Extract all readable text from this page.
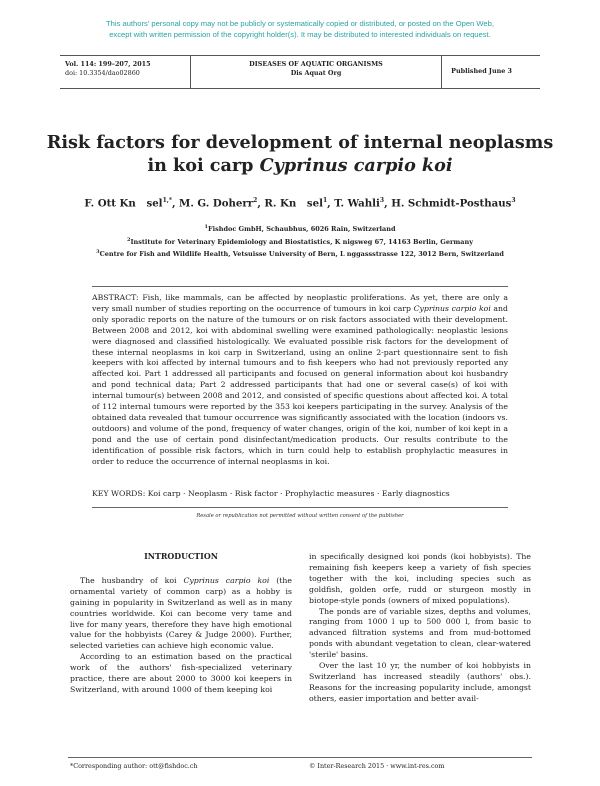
This authors' personal copy may not be publicly or systematically copied or distributed, or posted on the Open Web,
except with written permission of the copyright holder(s). It may be distributed to interested individuals on request.
Vol. 114: 199–207, 2015
doi: 10.3354/dao02860
DISEASES OF AQUATIC ORGANISMS
Dis Aquat Org	Published June 3
Risk factors for development of internal neoplasms
in koi carp Cyprinus carpio koi
F. Ott Kn sel$^{1,*}$, M. G. Doherr$^2$, R. Kn sel$^1$, T. Wahli$^3$, H. Schmidt-Posthaus$^3$
$^1$Fishdoc GmbH, Schaubhus, 6026 Rain, Switzerland
$^2$Institute for Veterinary Epidemiology and Biostatistics, K nigsweg 67, 14163 Berlin, Germany
$^3$Centre for Fish and Wildlife Health, Vetsuisse University of Bern, L nggassstrasse 122, 3012 Bern, Switzerland

ABSTRACT: Fish, like mammals, can be affected by neoplastic proliferations. As yet, there are only a very small number of studies reporting on the occurrence of tumours in koi carp Cyprinus carpio koi and only sporadic reports on the nature of the tumours or on risk factors associated with their development. Between 2008 and 2012, koi with abdominal swelling were examined pathologically: neoplastic lesions were diagnosed and classified histologically. We evaluated possible risk factors for the development of these internal neoplasms in koi carp in Switzerland, using an online 2-part questionnaire sent to fish keepers with koi affected by internal tumours and to fish keepers who had not previously reported any affected koi. Part 1 addressed all participants and focused on general information about koi husbandry and pond technical data; Part 2 addressed participants that had one or several case(s) of koi with internal tumour(s) between 2008 and 2012, and consisted of specific questions about affected koi. A total of 112 internal tumours were reported by the 353 koi keepers participating in the survey. Analysis of the obtained data revealed that tumour occurrence was significantly associated with the location (indoors vs. outdoors) and volume of the pond, frequency of water changes, origin of the koi, number of koi kept in a pond and the use of certain pond disinfectant/medication products. Our results contribute to the identification of possible risk factors, which in turn could help to establish prophylactic measures in order to reduce the occurrence of internal neoplasms in koi.

KEY WORDS: Koi carp · Neoplasm · Risk factor · Prophylactic measures · Early diagnostics
Resale or republication not permitted without written consent of the publisher
INTRODUCTION

The husbandry of koi Cyprinus carpio koi (the ornamental variety of common carp) as a hobby is gaining in popularity in Switzerland as well as in many countries worldwide. Koi can become very tame and live for many years, therefore they have high emotional value for the hobbyists (Carey & Judge 2000). Further, selected varieties can achieve high economic value.

According to an estimation based on the practical work of the authors' fish-specialized veterinary practice, there are about 2000 to 3000 koi keepers in Switzerland, with around 1000 of them keeping koi

in specifically designed koi ponds (koi hobbyists). The remaining fish keepers keep a variety of fish species together with the koi, including species such as goldfish, golden orfe, rudd or sturgeon mostly in biotope-style ponds (owners of mixed populations).

The ponds are of variable sizes, depths and volumes, ranging from 1000 l up to 500 000 l, from basic to advanced filtration systems and from mud-bottomed ponds with abundant vegetation to clean, clear-watered 'sterile' basins.

Over the last 10 yr, the number of koi hobbyists in Switzerland has increased steadily (authors' obs.). Reasons for the increasing popularity include, amongst others, easier importation and better avail-

*Corresponding author: ott@fishdoc.ch	© Inter-Research 2015 · www.int-res.com
